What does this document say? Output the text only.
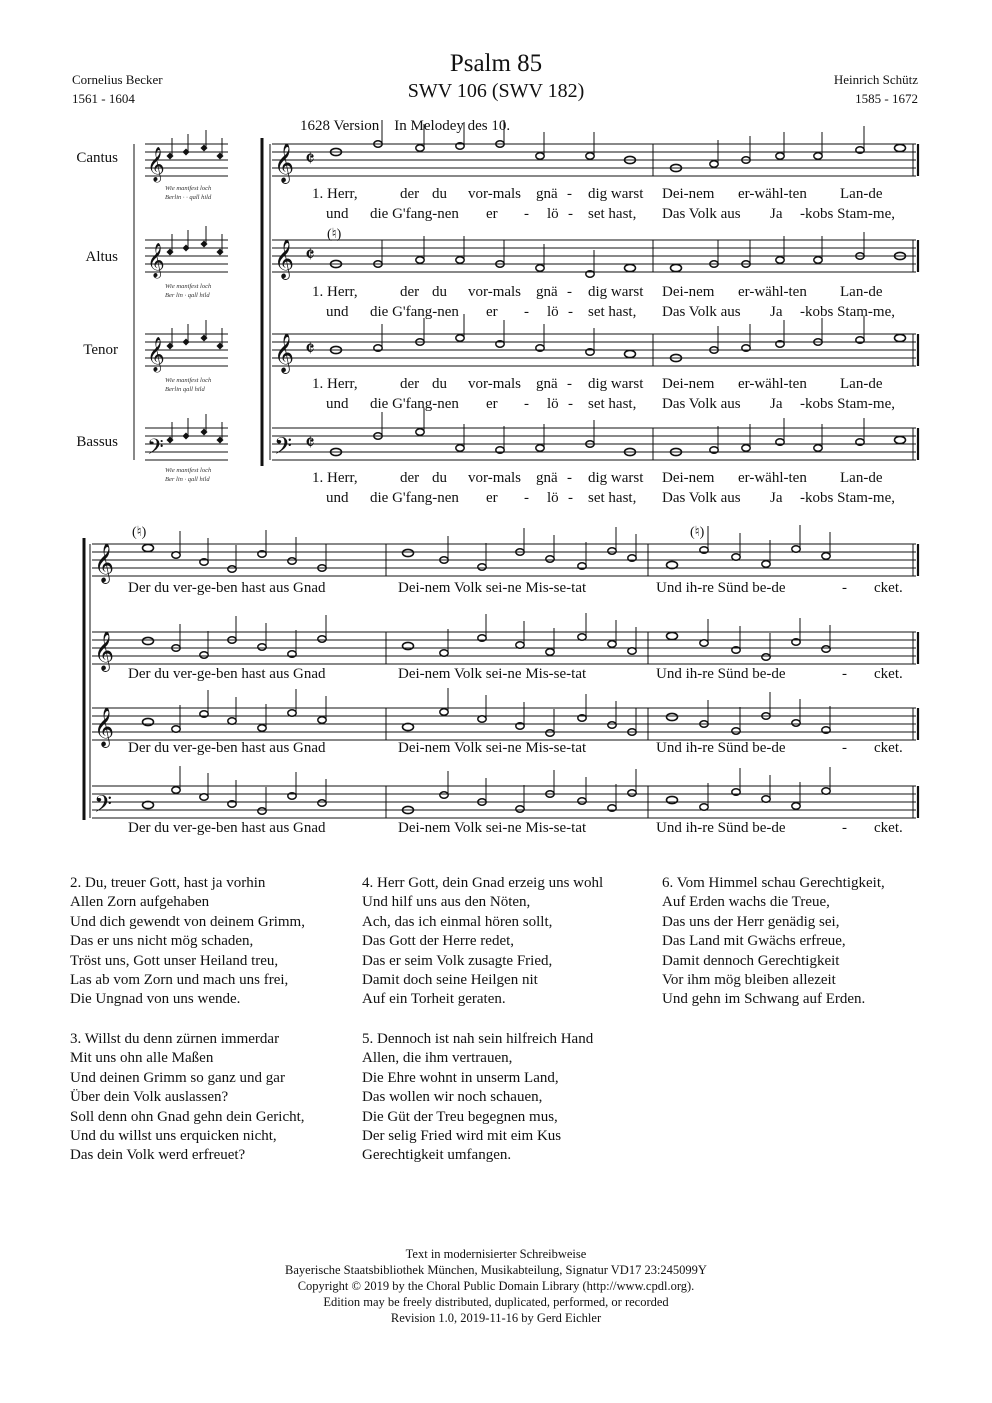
Psalm 85
SWV 106 (SWV 182)
Cornelius Becker
1561 - 1604
Heinrich Schütz
1585 - 1672
1628 Version    In Melodey des 10.
Cantus
Altus
Tenor
Bassus
Wie manifest loch
Berlin · · qall hild
Wie manifest loch
Ber lin · qall hild
Wie manifest loch
Berlin qall hild
Wie manifest loch
Ber lin · qall hild
(♮)
(♮)	(♮)
𝄞	𝄞 𝄵
𝄞	𝄞 𝄵
𝄞	𝄞 𝄵
𝄢	𝄢 𝄵
𝄞
𝄞
𝄞
𝄢
1. Herr,	der du vor-mals gnä - dig warst Dei-nem er-wähl-ten Lan-de
und die G'fang-nen er - lö - set hast, Das Volk aus Ja -kobs Stam-me,
1. Herr,	der du vor-mals gnä - dig warst Dei-nem er-wähl-ten Lan-de
und die G'fang-nen er - lö - set hast, Das Volk aus Ja -kobs Stam-me,
1. Herr,	der du vor-mals gnä - dig warst Dei-nem er-wähl-ten Lan-de
und die G'fang-nen er - lö - set hast, Das Volk aus Ja -kobs Stam-me,
1. Herr,	der du vor-mals gnä - dig warst Dei-nem er-wähl-ten Lan-de
und die G'fang-nen er - lö - set hast, Das Volk aus Ja -kobs Stam-me,
Der du ver-ge-ben hast aus Gnad	Dei-nem Volk sei-ne Mis-se-tat	Und ih-re Sünd be-de	- cket.
Der du ver-ge-ben hast aus Gnad	Dei-nem Volk sei-ne Mis-se-tat	Und ih-re Sünd be-de	- cket.
Der du ver-ge-ben hast aus Gnad	Dei-nem Volk sei-ne Mis-se-tat	Und ih-re Sünd be-de	- cket.
Der du ver-ge-ben hast aus Gnad	Dei-nem Volk sei-ne Mis-se-tat	Und ih-re Sünd be-de	- cket.
2. Du, treuer Gott, hast ja vorhin
Allen Zorn aufgehaben
Und dich gewendt von deinem Grimm,
Das er uns nicht mög schaden,
Tröst uns, Gott unser Heiland treu,
Las ab vom Zorn und mach uns frei,
Die Ungnad von uns wende.
3. Willst du denn zürnen immerdar
Mit uns ohn alle Maßen
Und deinen Grimm so ganz und gar
Über dein Volk auslassen?
Soll denn ohn Gnad gehn dein Gericht,
Und du willst uns erquicken nicht,
Das dein Volk werd erfreuet?
4. Herr Gott, dein Gnad erzeig uns wohl
Und hilf uns aus den Nöten,
Ach, das ich einmal hören sollt,
Das Gott der Herre redet,
Das er seim Volk zusagte Fried,
Damit doch seine Heilgen nit
Auf ein Torheit geraten.
5. Dennoch ist nah sein hilfreich Hand
Allen, die ihm vertrauen,
Die Ehre wohnt in unserm Land,
Das wollen wir noch schauen,
Die Güt der Treu begegnen mus,
Der selig Fried wird mit eim Kus
Gerechtigkeit umfangen.
6. Vom Himmel schau Gerechtigkeit,
Auf Erden wachs die Treue,
Das uns der Herr genädig sei,
Das Land mit Gwächs erfreue,
Damit dennoch Gerechtigkeit
Vor ihm mög bleiben allezeit
Und gehn im Schwang auf Erden.
Text in modernisierter Schreibweise
Bayerische Staatsbibliothek München, Musikabteilung, Signatur VD17 23:245099Y
Copyright © 2019 by the Choral Public Domain Library (http://www.cpdl.org).
Edition may be freely distributed, duplicated, performed, or recorded
Revision 1.0, 2019-11-16 by Gerd Eichler
